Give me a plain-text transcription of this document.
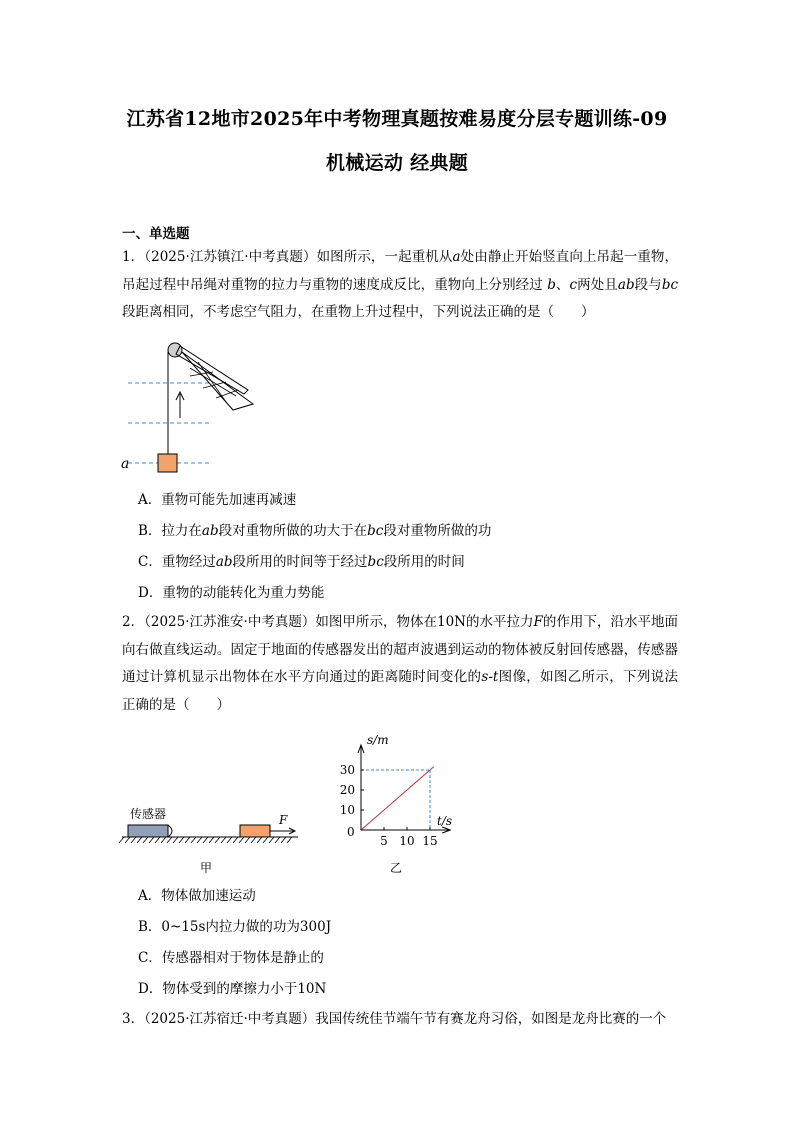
江苏省12地市2025年中考物理真题按难易度分层专题训练-09
机械运动 经典题
一、单选题
1．（2025·江苏镇江·中考真题）如图所示，一起重机从a处由静止开始竖直向上吊起一重物，吊起过程中吊绳对重物的拉力与重物的速度成反比，重物向上分别经过 b、c两处且ab段与bc段距离相同，不考虑空气阻力，在重物上升过程中，下列说法正确的是（　　）
a
A．重物可能先加速再减速
B．拉力在ab段对重物所做的功大于在bc段对重物所做的功
C．重物经过ab段所用的时间等于经过bc段所用的时间
D．重物的动能转化为重力势能
2．（2025·江苏淮安·中考真题）如图甲所示，物体在10N的水平拉力F的作用下，沿水平地面向右做直线运动。固定于地面的传感器发出的超声波遇到运动的物体被反射回传感器，传感器通过计算机显示出物体在水平方向通过的距离随时间变化的s-t图像，如图乙所示，下列说法正确的是（　　）
传感器	F
甲
5 10 15
10
20
30
s/m
t/s
0
乙
A．物体做加速运动
B．0~15s内拉力做的功为300J
C．传感器相对于物体是静止的
D．物体受到的摩擦力小于10N
3．（2025·江苏宿迁·中考真题）我国传统佳节端午节有赛龙舟习俗，如图是龙舟比赛的一个
